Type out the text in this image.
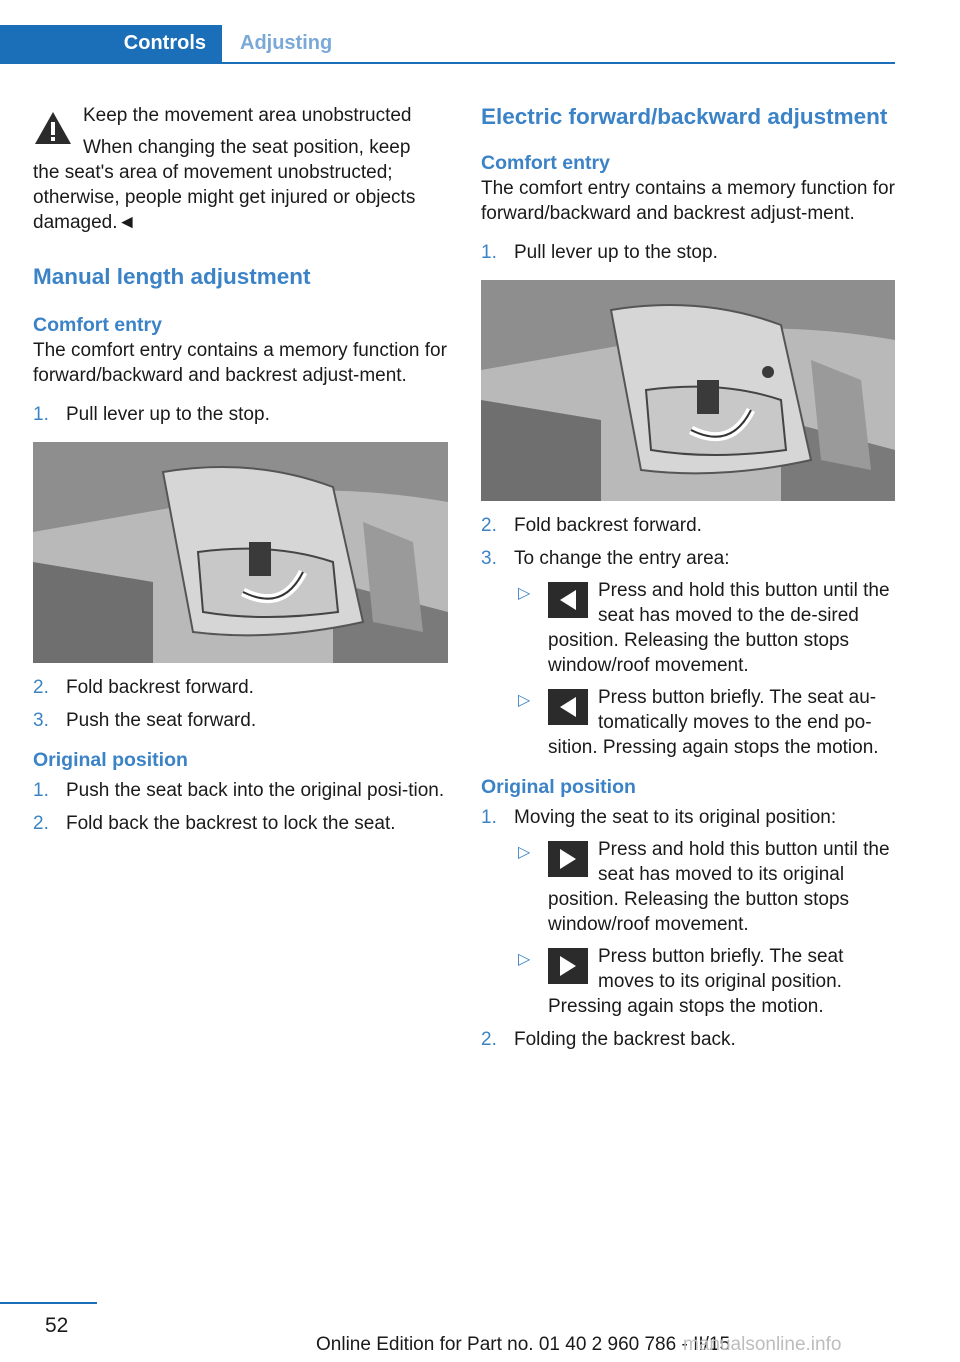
Controls	Adjusting

Keep the movement area unobstructed

When changing the seat position, keep

the seat's area of movement unobstructed; otherwise, people might get injured or objects damaged.◄

Manual length adjustment
Comfort entry

The comfort entry contains a memory function for forward/backward and backrest adjust-ment.

1. Pull lever up to the stop.
2. Fold backrest forward.
3. Push the seat forward.
Original position
1. Push the seat back into the original posi-tion.
2. Fold back the backrest to lock the seat.
Electric forward/backward adjustment
Comfort entry

The comfort entry contains a memory function for forward/backward and backrest adjust-ment.

1. Pull lever up to the stop.
2. Fold backrest forward.
3. To change the entry area:
▷	Press and hold this button until the seat has moved to the de-sired position. Releasing the button stops window/roof movement.
▷	Press button briefly. The seat au-tomatically moves to the end po-sition. Pressing again stops the motion.
Original position
1. Moving the seat to its original position:
▷	Press and hold this button until the seat has moved to its original position. Releasing the button stops window/roof movement.
▷	Press button briefly. The seat moves to its original position. Pressing again stops the motion.
2. Folding the backrest back.
52
Online Edition for Part no. 01 40 2 960 786 - II/15
manualsonline.info
